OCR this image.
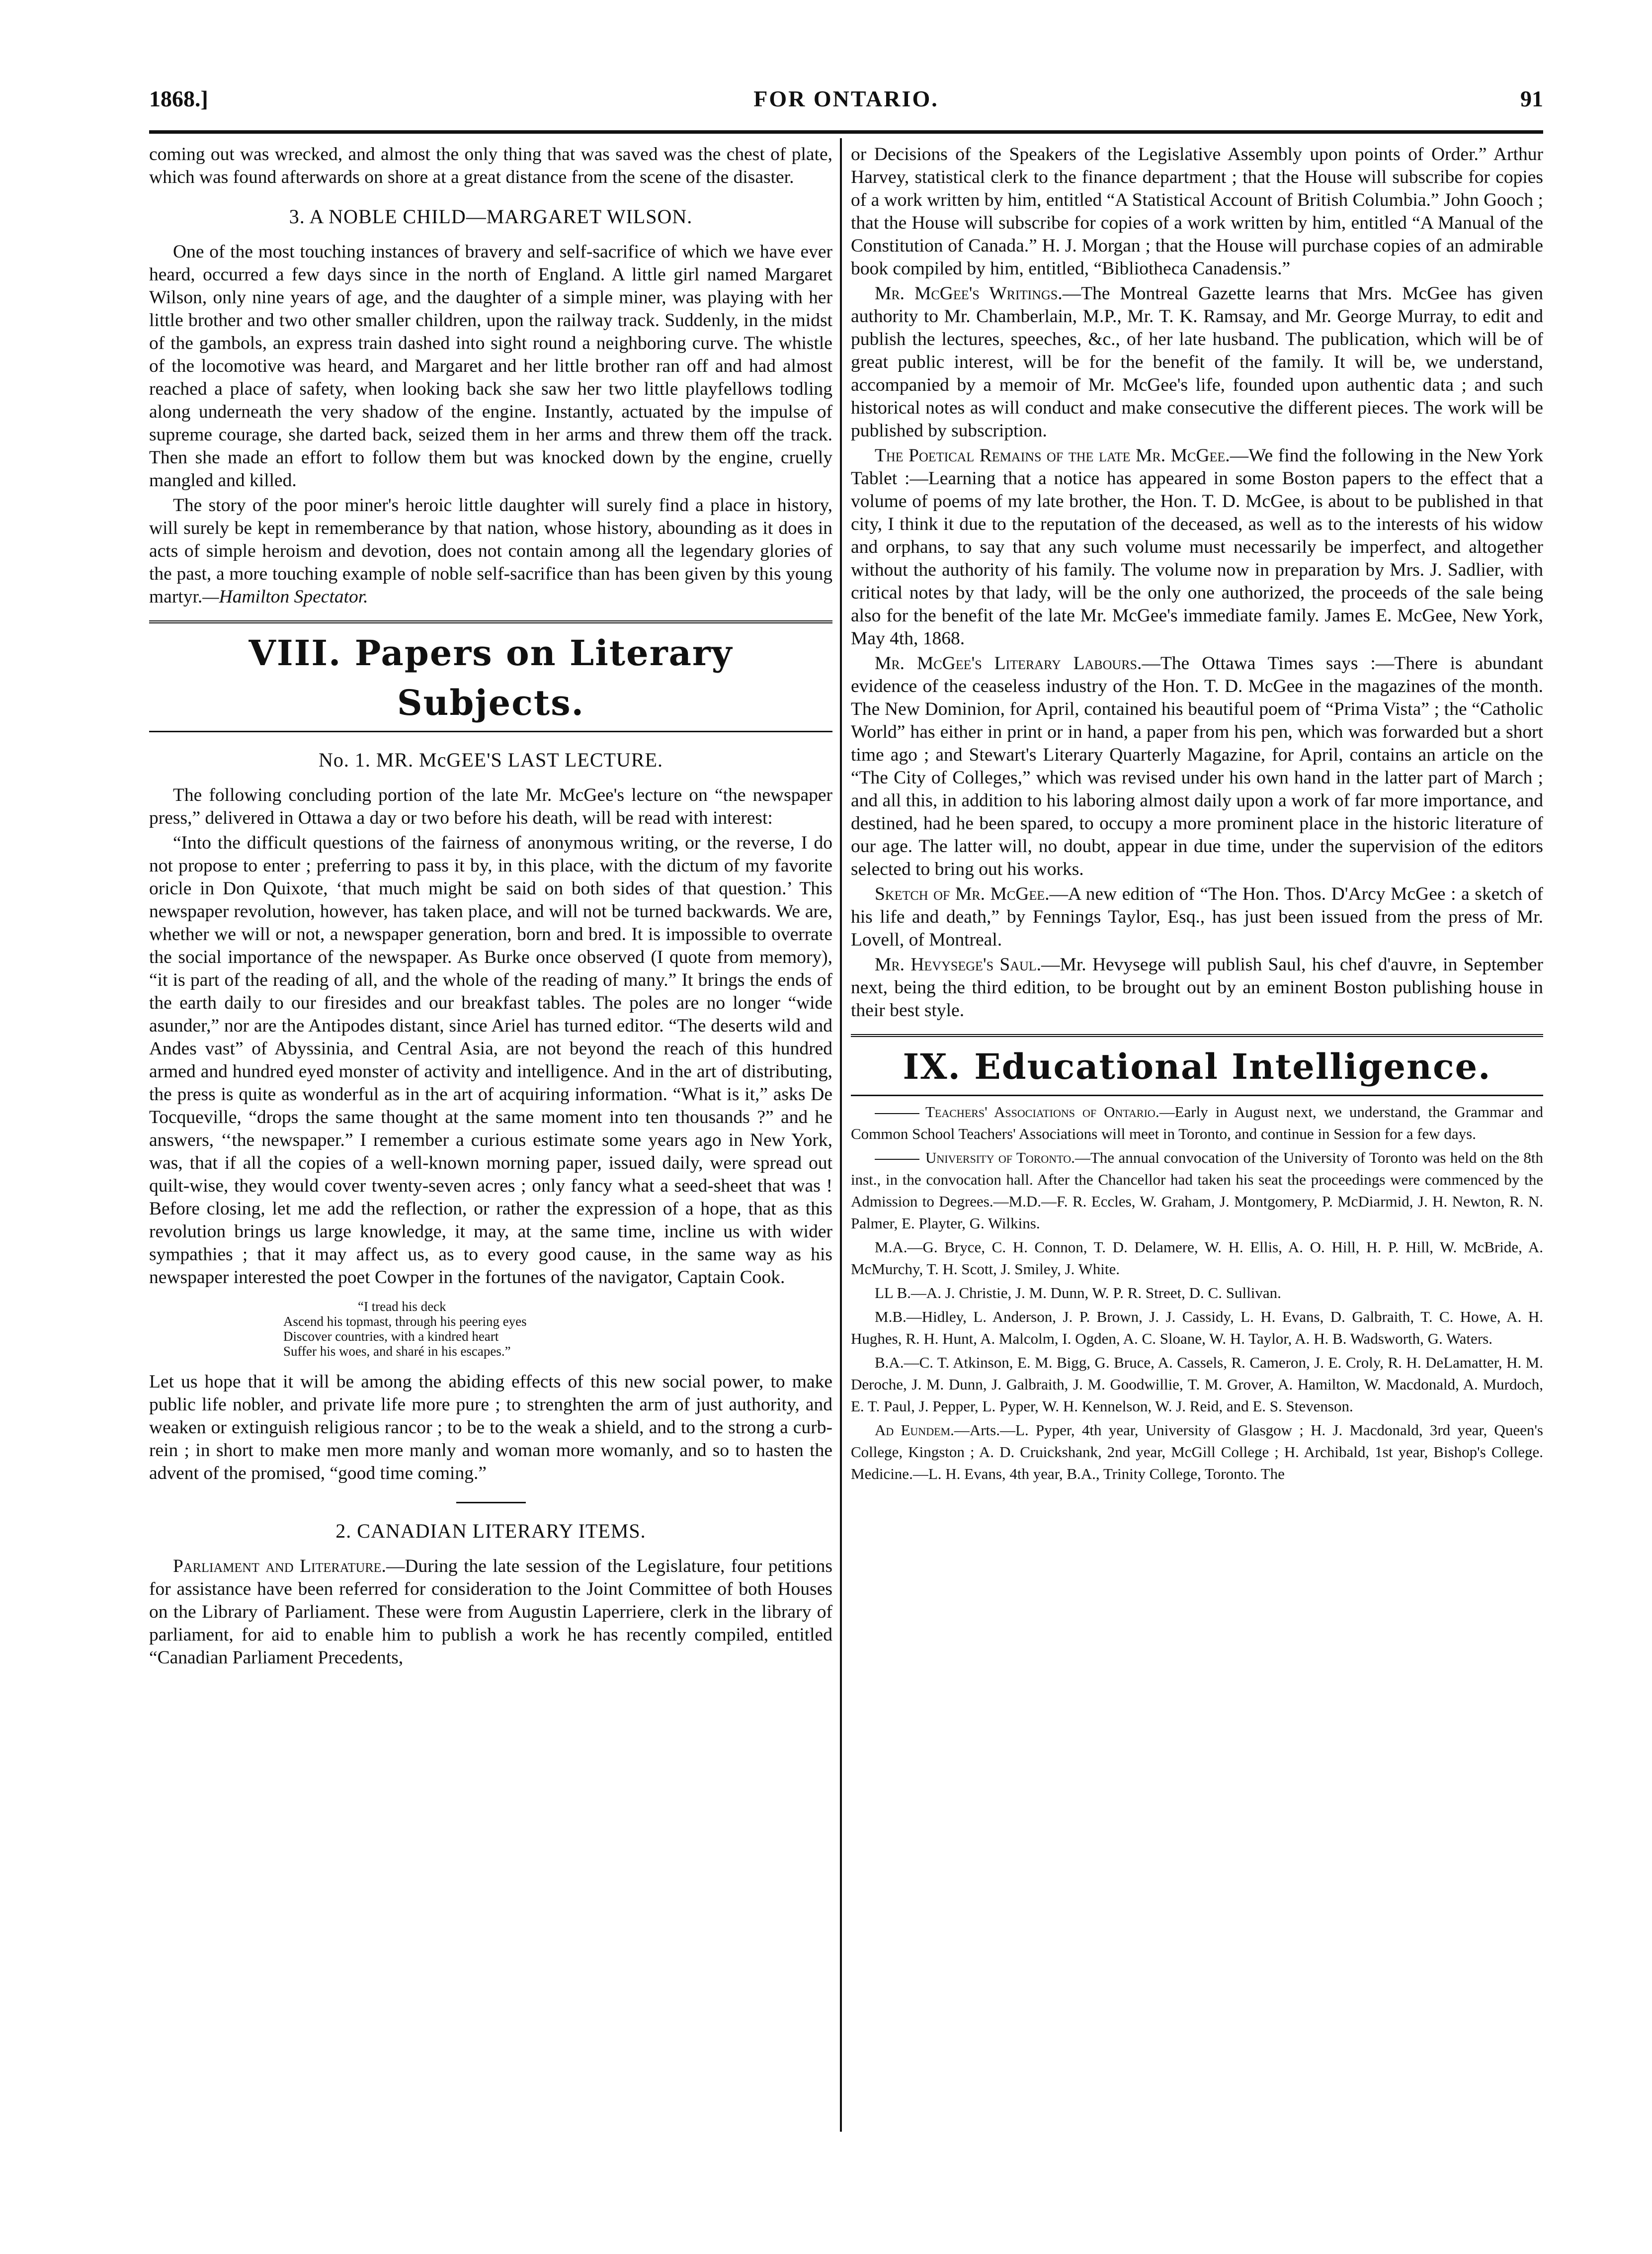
1868.]	FOR ONTARIO.	91

coming out was wrecked, and almost the only thing that was saved was the chest of plate, which was found afterwards on shore at a great distance from the scene of the disaster.

3. A NOBLE CHILD—MARGARET WILSON.

One of the most touching instances of bravery and self-sacrifice of which we have ever heard, occurred a few days since in the north of England. A little girl named Margaret Wilson, only nine years of age, and the daughter of a simple miner, was playing with her little brother and two other smaller children, upon the railway track. Suddenly, in the midst of the gambols, an express train dashed into sight round a neighboring curve. The whistle of the locomotive was heard, and Margaret and her little brother ran off and had almost reached a place of safety, when looking back she saw her two little playfellows todling along underneath the very shadow of the engine. Instantly, actuated by the impulse of supreme courage, she darted back, seized them in her arms and threw them off the track. Then she made an effort to follow them but was knocked down by the engine, cruelly mangled and killed.

The story of the poor miner's heroic little daughter will surely find a place in history, will surely be kept in rememberance by that nation, whose history, abounding as it does in acts of simple heroism and devotion, does not contain among all the legendary glories of the past, a more touching example of noble self-sacrifice than has been given by this young martyr.—Hamilton Spectator.

VIII. Papers on Literary Subjects.
No. 1. MR. McGEE'S LAST LECTURE.

The following concluding portion of the late Mr. McGee's lecture on “the newspaper press,” delivered in Ottawa a day or two before his death, will be read with interest:

“Into the difficult questions of the fairness of anonymous writing, or the reverse, I do not propose to enter ; preferring to pass it by, in this place, with the dictum of my favorite oricle in Don Quixote, ‘that much might be said on both sides of that question.’ This newspaper revolution, however, has taken place, and will not be turned backwards. We are, whether we will or not, a newspaper generation, born and bred. It is impossible to overrate the social importance of the newspaper. As Burke once observed (I quote from memory), “it is part of the reading of all, and the whole of the reading of many.” It brings the ends of the earth daily to our firesides and our breakfast tables. The poles are no longer “wide asunder,” nor are the Antipodes distant, since Ariel has turned editor. “The deserts wild and Andes vast” of Abyssinia, and Central Asia, are not beyond the reach of this hundred armed and hundred eyed monster of activity and intelligence. And in the art of distributing, the press is quite as wonderful as in the art of acquiring information. “What is it,” asks De Tocqueville, “drops the same thought at the same moment into ten thousands ?” and he answers, ‘‘the newspaper.” I remember a curious estimate some years ago in New York, was, that if all the copies of a well-known morning paper, issued daily, were spread out quilt-wise, they would cover twenty-seven acres ; only fancy what a seed-sheet that was ! Before closing, let me add the reflection, or rather the expression of a hope, that as this revolution brings us large knowledge, it may, at the same time, incline us with wider sympathies ; that it may affect us, as to every good cause, in the same way as his newspaper interested the poet Cowper in the fortunes of the navigator, Captain Cook.

“I tread his deck
Ascend his topmast, through his peering eyes
Discover countries, with a kindred heart
Suffer his woes, and sharé in his escapes.”

Let us hope that it will be among the abiding effects of this new social power, to make public life nobler, and private life more pure ; to strenghten the arm of just authority, and weaken or extinguish religious rancor ; to be to the weak a shield, and to the strong a curb-rein ; in short to make men more manly and woman more womanly, and so to hasten the advent of the promised, “good time coming.”

2. CANADIAN LITERARY ITEMS.

Parliament and Literature.—During the late session of the Legislature, four petitions for assistance have been referred for consideration to the Joint Committee of both Houses on the Library of Parliament. These were from Augustin Laperriere, clerk in the library of parliament, for aid to enable him to publish a work he has recently compiled, entitled “Canadian Parliament Precedents,

or Decisions of the Speakers of the Legislative Assembly upon points of Order.” Arthur Harvey, statistical clerk to the finance department ; that the House will subscribe for copies of a work written by him, entitled “A Statistical Account of British Columbia.” John Gooch ; that the House will subscribe for copies of a work written by him, entitled “A Manual of the Constitution of Canada.” H. J. Morgan ; that the House will purchase copies of an admirable book compiled by him, entitled, “Bibliotheca Canadensis.”

Mr. McGee's Writings.—The Montreal Gazette learns that Mrs. McGee has given authority to Mr. Chamberlain, M.P., Mr. T. K. Ramsay, and Mr. George Murray, to edit and publish the lectures, speeches, &c., of her late husband. The publication, which will be of great public interest, will be for the benefit of the family. It will be, we understand, accompanied by a memoir of Mr. McGee's life, founded upon authentic data ; and such historical notes as will conduct and make consecutive the different pieces. The work will be published by subscription.

The Poetical Remains of the late Mr. McGee.—We find the following in the New York Tablet :—Learning that a notice has appeared in some Boston papers to the effect that a volume of poems of my late brother, the Hon. T. D. McGee, is about to be published in that city, I think it due to the reputation of the deceased, as well as to the interests of his widow and orphans, to say that any such volume must necessarily be imperfect, and altogether without the authority of his family. The volume now in preparation by Mrs. J. Sadlier, with critical notes by that lady, will be the only one authorized, the proceeds of the sale being also for the benefit of the late Mr. McGee's immediate family. James E. McGee, New York, May 4th, 1868.

Mr. McGee's Literary Labours.—The Ottawa Times says :—There is abundant evidence of the ceaseless industry of the Hon. T. D. McGee in the magazines of the month. The New Dominion, for April, contained his beautiful poem of “Prima Vista” ; the “Catholic World” has either in print or in hand, a paper from his pen, which was forwarded but a short time ago ; and Stewart's Literary Quarterly Magazine, for April, contains an article on the “The City of Colleges,” which was revised under his own hand in the latter part of March ; and all this, in addition to his laboring almost daily upon a work of far more importance, and destined, had he been spared, to occupy a more prominent place in the historic literature of our age. The latter will, no doubt, appear in due time, under the supervision of the editors selected to bring out his works.

Sketch of Mr. McGee.—A new edition of “The Hon. Thos. D'Arcy McGee : a sketch of his life and death,” by Fennings Taylor, Esq., has just been issued from the press of Mr. Lovell, of Montreal.

Mr. Hevysege's Saul.—Mr. Hevysege will publish Saul, his chef d'auvre, in September next, being the third edition, to be brought out by an eminent Boston publishing house in their best style.

IX. Educational Intelligence.

Teachers' Associations of Ontario.—Early in August next, we understand, the Grammar and Common School Teachers' Associations will meet in Toronto, and continue in Session for a few days.

University of Toronto.—The annual convocation of the University of Toronto was held on the 8th inst., in the convocation hall. After the Chancellor had taken his seat the proceedings were commenced by the Admission to Degrees.—M.D.—F. R. Eccles, W. Graham, J. Montgomery, P. McDiarmid, J. H. Newton, R. N. Palmer, E. Playter, G. Wilkins.

M.A.—G. Bryce, C. H. Connon, T. D. Delamere, W. H. Ellis, A. O. Hill, H. P. Hill, W. McBride, A. McMurchy, T. H. Scott, J. Smiley, J. White.

LL B.—A. J. Christie, J. M. Dunn, W. P. R. Street, D. C. Sullivan.

M.B.—Hidley, L. Anderson, J. P. Brown, J. J. Cassidy, L. H. Evans, D. Galbraith, T. C. Howe, A. H. Hughes, R. H. Hunt, A. Malcolm, I. Ogden, A. C. Sloane, W. H. Taylor, A. H. B. Wadsworth, G. Waters.

B.A.—C. T. Atkinson, E. M. Bigg, G. Bruce, A. Cassels, R. Cameron, J. E. Croly, R. H. DeLamatter, H. M. Deroche, J. M. Dunn, J. Galbraith, J. M. Goodwillie, T. M. Grover, A. Hamilton, W. Macdonald, A. Murdoch, E. T. Paul, J. Pepper, L. Pyper, W. H. Kennelson, W. J. Reid, and E. S. Stevenson.

Ad Eundem.—Arts.—L. Pyper, 4th year, University of Glasgow ; H. J. Macdonald, 3rd year, Queen's College, Kingston ; A. D. Cruickshank, 2nd year, McGill College ; H. Archibald, 1st year, Bishop's College. Medicine.—L. H. Evans, 4th year, B.A., Trinity College, Toronto. The
